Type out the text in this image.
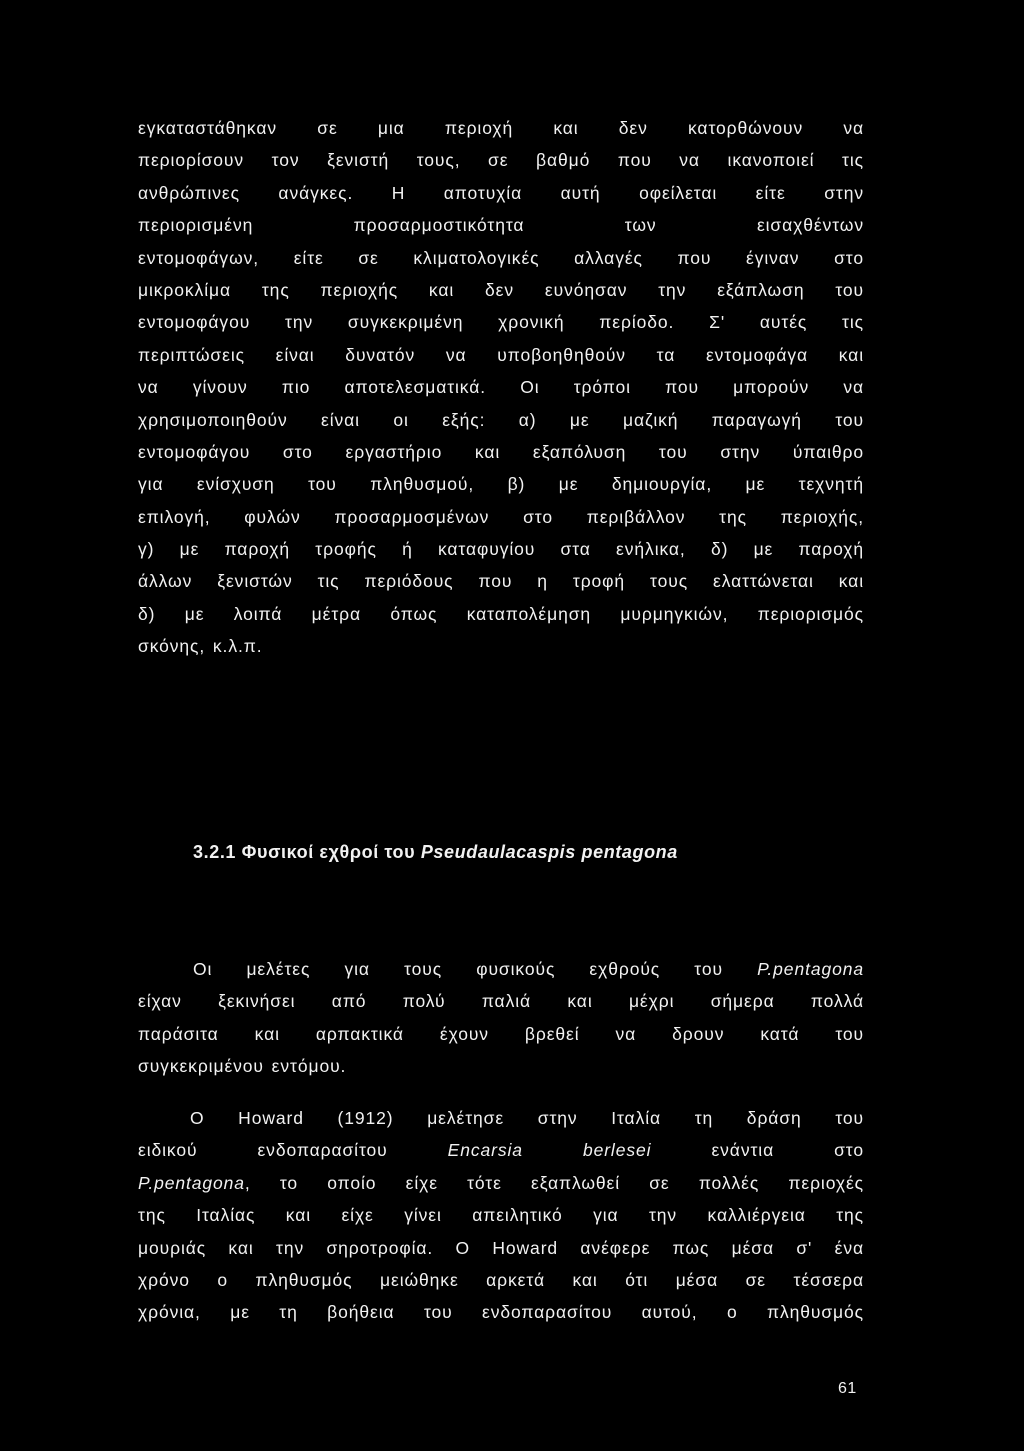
εγκαταστάθηκαν σε μια περιοχή και δεν κατορθώνουν να
περιορίσουν τον ξενιστή τους, σε βαθμό που να ικανοποιεί τις
ανθρώπινες ανάγκες. Η αποτυχία αυτή οφείλεται είτε στην
περιορισμένη προσαρμοστικότητα των εισαχθέντων
εντομοφάγων, είτε σε κλιματολογικές αλλαγές που έγιναν στο
μικροκλίμα της περιοχής και δεν ευνόησαν την εξάπλωση του
εντομοφάγου την συγκεκριμένη χρονική περίοδο. Σ' αυτές τις
περιπτώσεις είναι δυνατόν να υποβοηθηθούν τα εντομοφάγα και
να γίνουν πιο αποτελεσματικά. Οι τρόποι που μπορούν να
χρησιμοποιηθούν είναι οι εξής: α) με μαζική παραγωγή του
εντομοφάγου στο εργαστήριο και εξαπόλυση του στην ύπαιθρο
για ενίσχυση του πληθυσμού, β) με δημιουργία, με τεχνητή
επιλογή, φυλών προσαρμοσμένων στο περιβάλλον της περιοχής,
γ) με παροχή τροφής ή καταφυγίου στα ενήλικα, δ) με παροχή
άλλων ξενιστών τις περιόδους που η τροφή τους ελαττώνεται και
δ) με λοιπά μέτρα όπως καταπολέμηση μυρμηγκιών, περιορισμός
σκόνης, κ.λ.π.
3.2.1 Φυσικοί εχθροί του Pseudaulacaspis pentagona
Οι μελέτες για τους φυσικούς εχθρούς του P.pentagona
είχαν ξεκινήσει από πολύ παλιά και μέχρι σήμερα πολλά
παράσιτα και αρπακτικά έχουν βρεθεί να δρουν κατά του
συγκεκριμένου εντόμου.
Ο Howard (1912) μελέτησε στην Ιταλία τη δράση του
ειδικού ενδοπαρασίτου Encarsia berlesei ενάντια στο
P.pentagona, το οποίο είχε τότε εξαπλωθεί σε πολλές περιοχές
της Ιταλίας και είχε γίνει απειλητικό για την καλλιέργεια της
μουριάς και την σηροτροφία. Ο Howard ανέφερε πως μέσα σ' ένα
χρόνο ο πληθυσμός μειώθηκε αρκετά και ότι μέσα σε τέσσερα
χρόνια, με τη βοήθεια του ενδοπαρασίτου αυτού, ο πληθυσμός
61
